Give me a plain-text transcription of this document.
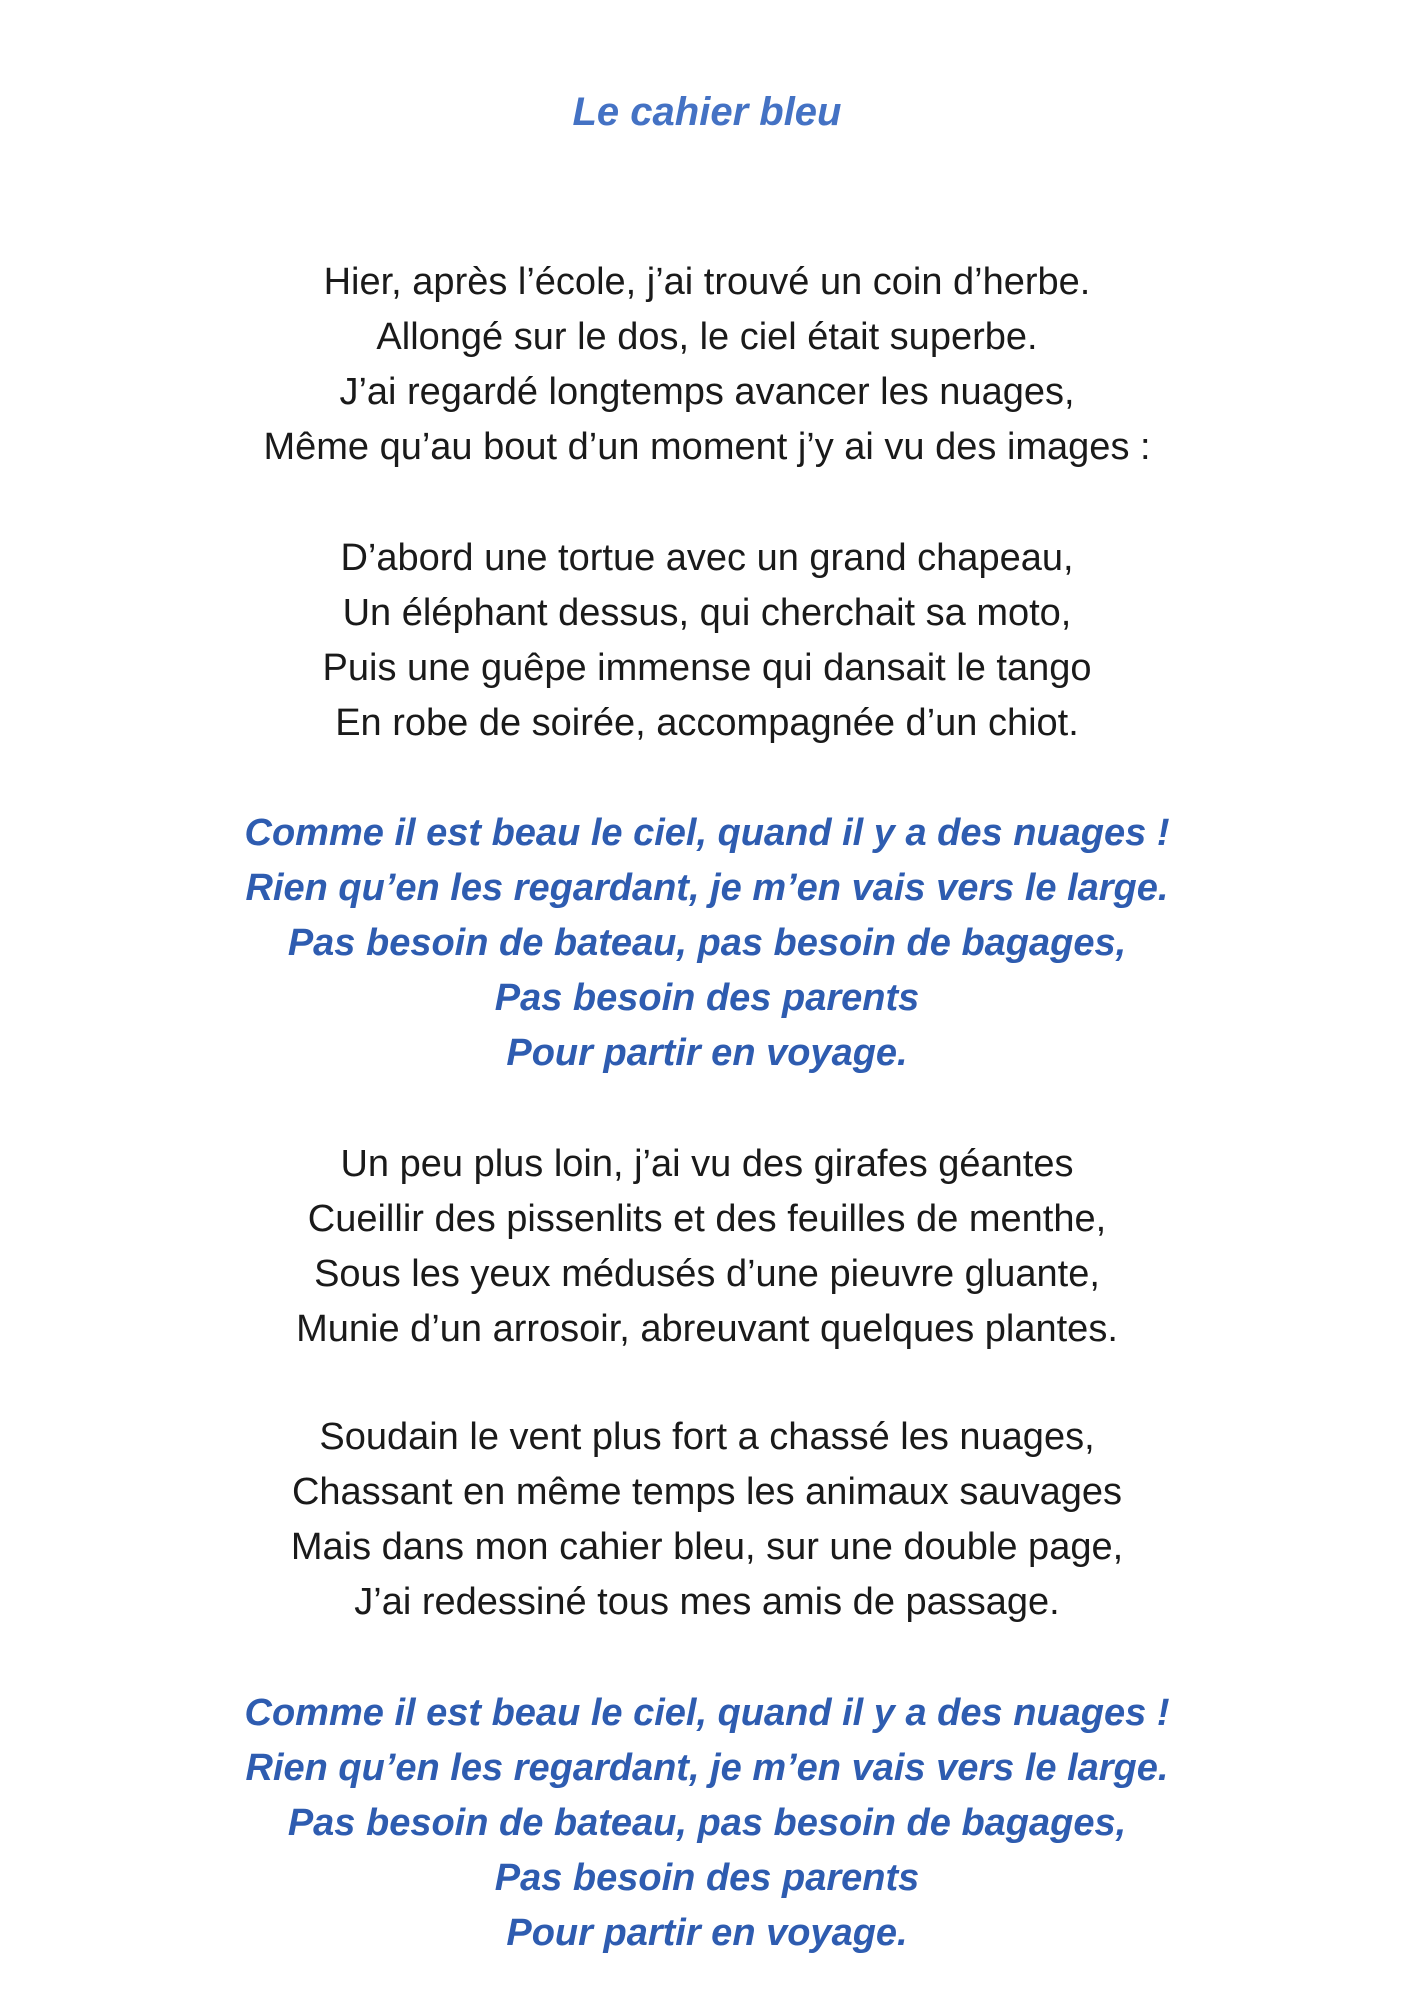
Le cahier bleu
Hier, après l’école, j’ai trouvé un coin d’herbe.
Allongé sur le dos, le ciel était superbe.
J’ai regardé longtemps avancer les nuages,
Même qu’au bout d’un moment j’y ai vu des images :
D’abord une tortue avec un grand chapeau,
Un éléphant dessus, qui cherchait sa moto,
Puis une guêpe immense qui dansait le tango
En robe de soirée, accompagnée d’un chiot.
Comme il est beau le ciel, quand il y a des nuages !
Rien qu’en les regardant, je m’en vais vers le large.
Pas besoin de bateau, pas besoin de bagages,
Pas besoin des parents
Pour partir en voyage.
Un peu plus loin, j’ai vu des girafes géantes
Cueillir des pissenlits et des feuilles de menthe,
Sous les yeux médusés d’une pieuvre gluante,
Munie d’un arrosoir, abreuvant quelques plantes.
Soudain le vent plus fort a chassé les nuages,
Chassant en même temps les animaux sauvages
Mais dans mon cahier bleu, sur une double page,
J’ai redessiné tous mes amis de passage.
Comme il est beau le ciel, quand il y a des nuages !
Rien qu’en les regardant, je m’en vais vers le large.
Pas besoin de bateau, pas besoin de bagages,
Pas besoin des parents
Pour partir en voyage.
